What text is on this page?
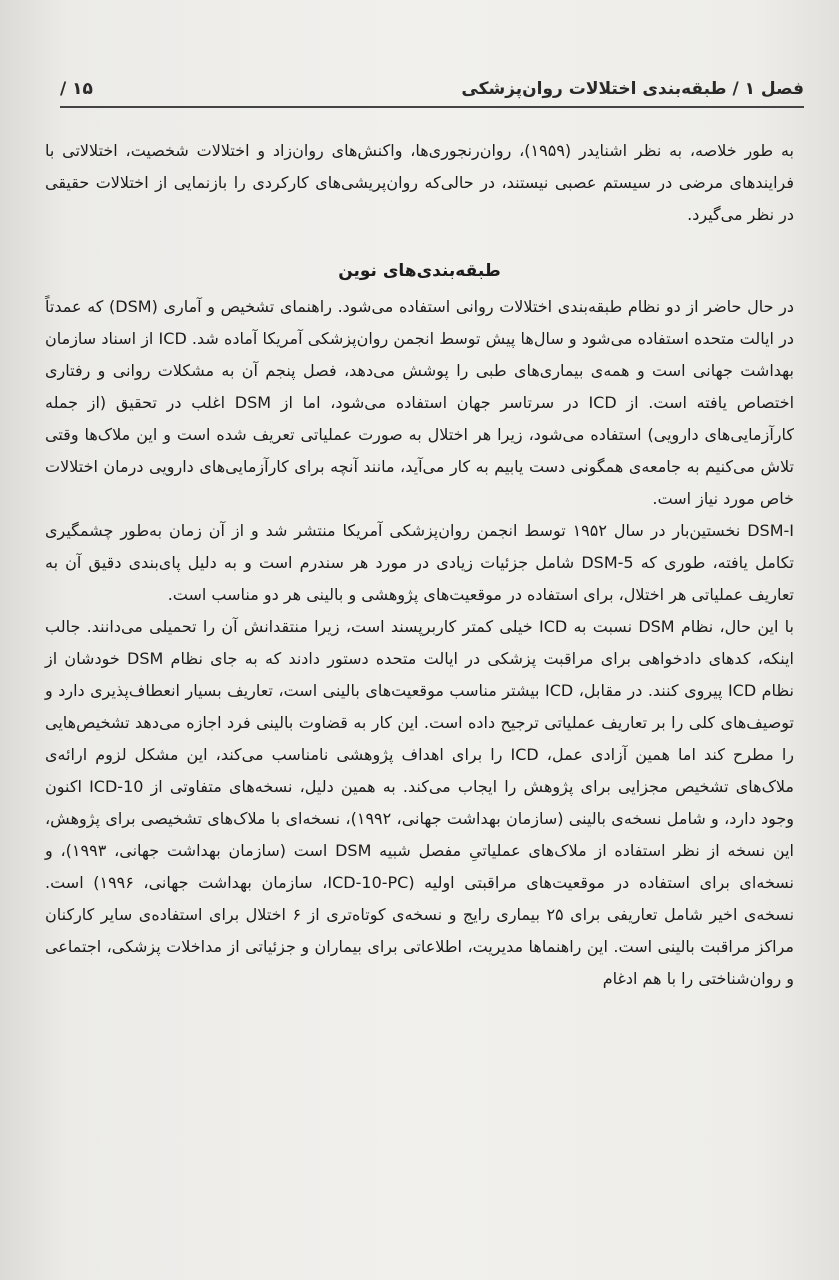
فصل ۱ / طبقه‌بندی اختلالات روان‌پزشکی
۱۵ /

به طور خلاصه، به نظر اشنایدر (۱۹۵۹)، روان‌رنجوری‌ها، واکنش‌های روان‌زاد و اختلالات شخصیت، اختلالاتی با فرایندهای مرضی در سیستم عصبی نیستند، در حالی‌که روان‌پریشی‌های کارکردی را بازنمایی از اختلالات حقیقی در نظر می‌گیرد.

طبقه‌بندی‌های نوین

در حال حاضر از دو نظام طبقه‌بندی اختلالات روانی استفاده می‌شود. راهنمای تشخیص و آماری (DSM) که عمدتاً در ایالت متحده استفاده می‌شود و سال‌ها پیش توسط انجمن روان‌پزشکی آمریکا آماده شد. ICD از اسناد سازمان بهداشت جهانی است و همه‌ی بیماری‌های طبی را پوشش می‌دهد، فصل پنجم آن به مشکلات روانی و رفتاری اختصاص یافته است. از ICD در سرتاسر جهان استفاده می‌شود، اما از DSM اغلب در تحقیق (از جمله کارآزمایی‌های دارویی) استفاده می‌شود، زیرا هر اختلال به صورت عملیاتی تعریف شده است و این ملاک‌ها وقتی تلاش می‌کنیم به جامعه‌ی همگونی دست یابیم به کار می‌آید، مانند آنچه برای کارآزمایی‌های دارویی درمان اختلالات خاص مورد نیاز است.

DSM-I نخستین‌بار در سال ۱۹۵۲ توسط انجمن روان‌پزشکی آمریکا منتشر شد و از آن زمان به‌طور چشمگیری تکامل یافته، طوری که DSM-5 شامل جزئیات زیادی در مورد هر سندرم است و به دلیل پای‌بندی دقیق آن به تعاریف عملیاتی هر اختلال، برای استفاده در موقعیت‌های پژوهشی و بالینی هر دو مناسب است.

با این حال، نظام DSM نسبت به ICD خیلی کمتر کاربرپسند است، زیرا منتقدانش آن را تحمیلی می‌دانند. جالب اینکه، کدهای دادخواهی برای مراقبت پزشکی در ایالت متحده دستور دادند که به جای نظام DSM خودشان از نظام ICD پیروی کنند. در مقابل، ICD بیشتر مناسب موقعیت‌های بالینی است، تعاریف بسیار انعطاف‌پذیری دارد و توصیف‌های کلی را بر تعاریف عملیاتی ترجیح داده است. این کار به قضاوت بالینی فرد اجازه می‌دهد تشخیص‌هایی را مطرح کند اما همین آزادی عمل، ICD را برای اهداف پژوهشی نامناسب می‌کند، این مشکل لزوم ارائه‌ی ملاک‌های تشخیص مجزایی برای پژوهش را ایجاب می‌کند. به همین دلیل، نسخه‌های متفاوتی از ICD-10 اکنون وجود دارد، و شامل نسخه‌ی بالینی (سازمان بهداشت جهانی، ۱۹۹۲)، نسخه‌ای با ملاک‌های تشخیصی برای پژوهش، این نسخه از نظر استفاده از ملاک‌های عملیاتیِ مفصل شبیه DSM است (سازمان بهداشت جهانی، ۱۹۹۳)، و نسخه‌ای برای استفاده در موقعیت‌های مراقبتی اولیه (ICD-10-PC، سازمان بهداشت جهانی، ۱۹۹۶) است. نسخه‌ی اخیر شامل تعاریفی برای ۲۵ بیماری رایج و نسخه‌ی کوتاه‌تری از ۶ اختلال برای استفاده‌ی سایر کارکنان مراکز مراقبت بالینی است. این راهنماها مدیریت، اطلاعاتی برای بیماران و جزئیاتی از مداخلات پزشکی، اجتماعی و روان‌شناختی را با هم ادغام
